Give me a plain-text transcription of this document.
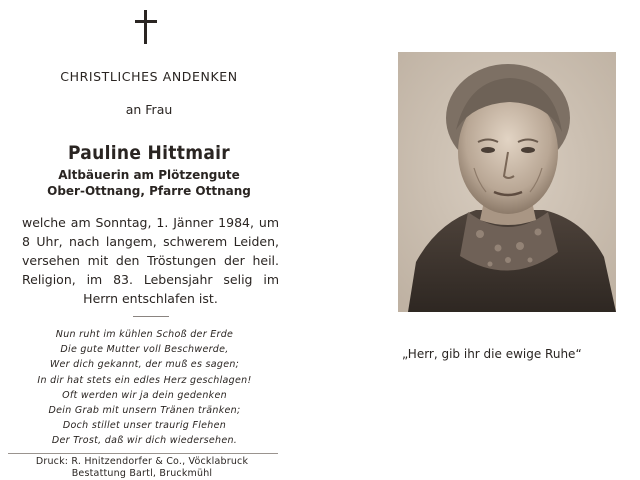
CHRISTLICHES ANDENKEN
an Frau
Pauline Hittmair
Altbäuerin am Plötzengute
Ober-Ottnang, Pfarre Ottnang
welche am Sonntag, 1. Jänner 1984, um
8 Uhr, nach langem, schwerem Leiden,
versehen mit den Tröstungen der heil.
Religion, im 83. Lebensjahr selig im
Herrn entschlafen ist.
Nun ruht im kühlen Schoß der Erde
Die gute Mutter voll Beschwerde,
Wer dich gekannt, der muß es sagen;
In dir hat stets ein edles Herz geschlagen!
Oft werden wir ja dein gedenken
Dein Grab mit unsern Tränen tränken;
Doch stillet unser traurig Flehen
Der Trost, daß wir dich wiedersehen.
Druck: R. Hnitzendorfer & Co., Vöcklabruck
Bestattung Bartl, Bruckmühl
„Herr, gib ihr die ewige Ruhe“
